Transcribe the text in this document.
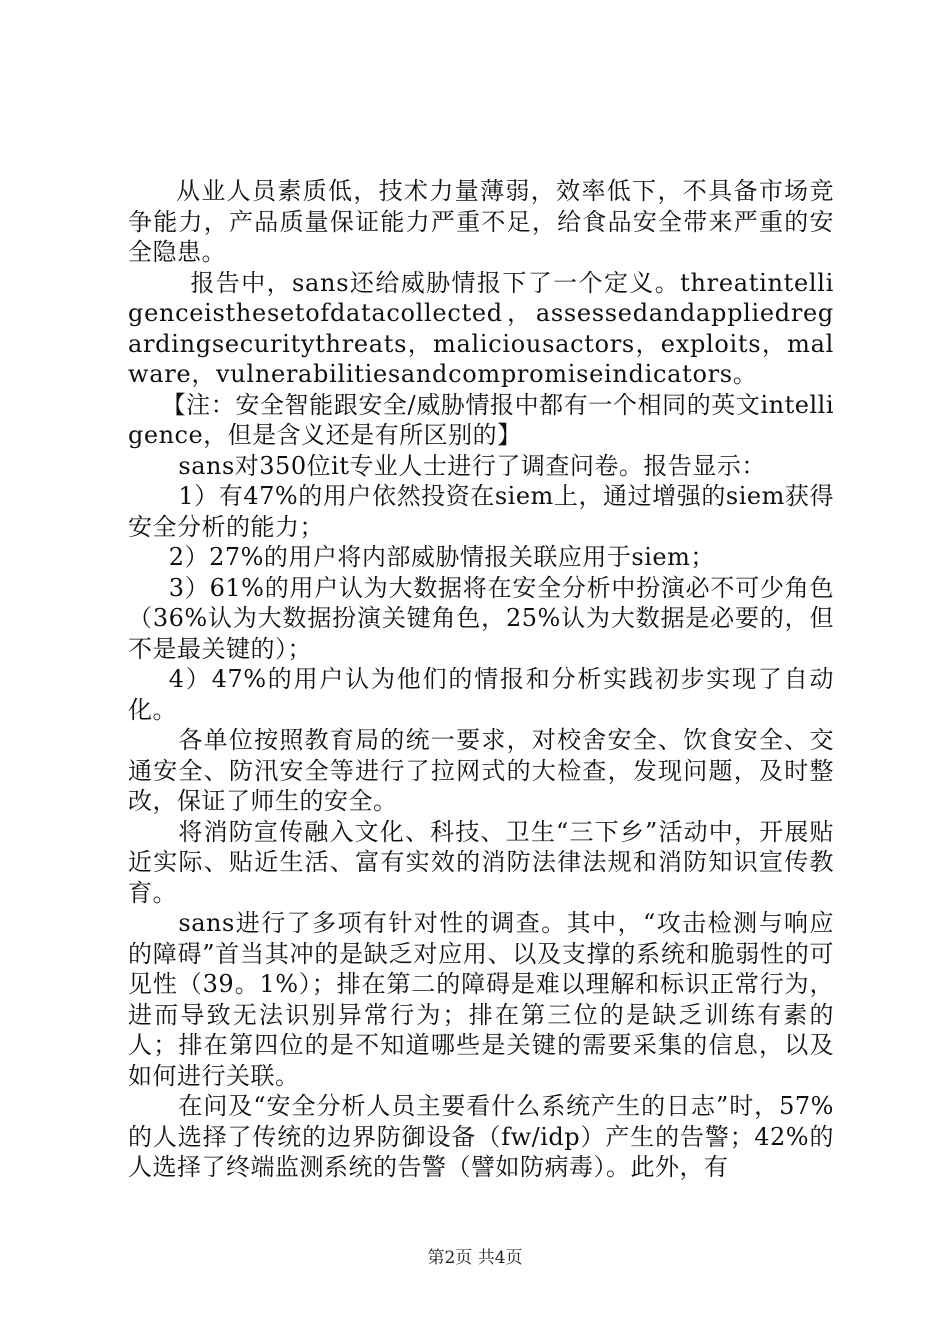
从业人员素质低，技术力量薄弱，效率低下，不具备市场竞争能力，产品质量保证能力严重不足，给食品安全带来严重的安全隐患。

报告中，sans还给威胁情报下了一个定义。threatintelligenceisthesetofdatacollected，assessedandappliedregardingsecuritythreats，maliciousactors，exploits，malware，vulnerabilitiesandcompromiseindicators。

【注：安全智能跟安全/威胁情报中都有一个相同的英文intelligence，但是含义还是有所区别的】

sans对350位it专业人士进行了调查问卷。报告显示：

1）有47%的用户依然投资在siem上，通过增强的siem获得安全分析的能力；

2）27%的用户将内部威胁情报关联应用于siem；

3）61%的用户认为大数据将在安全分析中扮演必不可少角色（36%认为大数据扮演关键角色，25%认为大数据是必要的，但不是最关键的）；

4）47%的用户认为他们的情报和分析实践初步实现了自动化。

各单位按照教育局的统一要求，对校舍安全、饮食安全、交通安全、防汛安全等进行了拉网式的大检查，发现问题，及时整改，保证了师生的安全。

将消防宣传融入文化、科技、卫生“三下乡”活动中，开展贴近实际、贴近生活、富有实效的消防法律法规和消防知识宣传教育。

sans进行了多项有针对性的调查。其中，“攻击检测与响应的障碍”首当其冲的是缺乏对应用、以及支撑的系统和脆弱性的可见性（39。1%）；排在第二的障碍是难以理解和标识正常行为，进而导致无法识别异常行为；排在第三位的是缺乏训练有素的人；排在第四位的是不知道哪些是关键的需要采集的信息，以及如何进行关联。

在问及“安全分析人员主要看什么系统产生的日志”时，57%的人选择了传统的边界防御设备（fw/idp）产生的告警；42%的人选择了终端监测系统的告警（譬如防病毒）。此外，有

第2页 共4页
